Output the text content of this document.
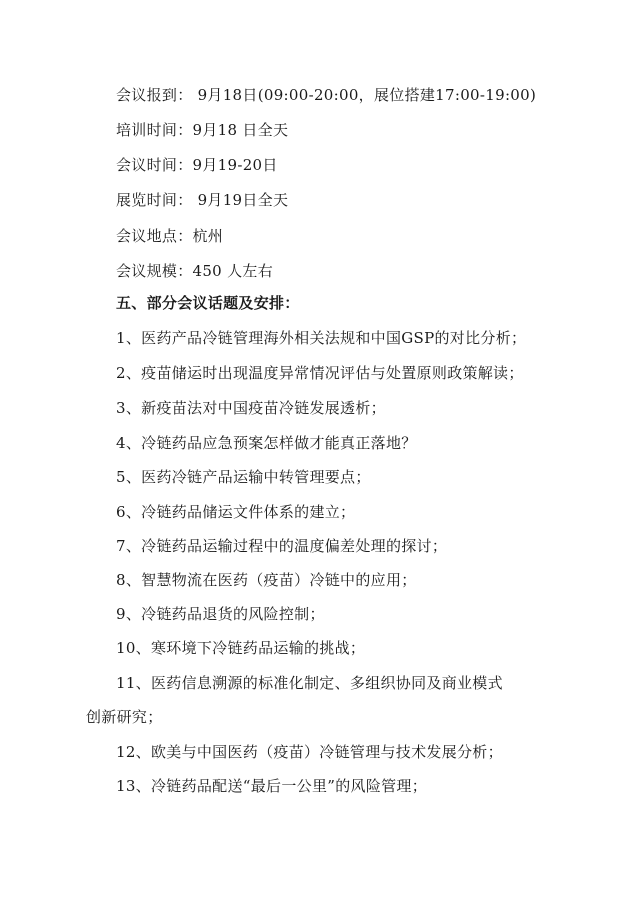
会议报到： 9月18日(09:00-20:00，展位搭建17:00-19:00)
培训时间：9月18 日全天
会议时间：9月19-20日
展览时间： 9月19日全天
会议地点：杭州
会议规模：450 人左右
五、部分会议话题及安排：
1、医药产品冷链管理海外相关法规和中国GSP的对比分析；
2、疫苗储运时出现温度异常情况评估与处置原则政策解读；
3、新疫苗法对中国疫苗冷链发展透析；
4、冷链药品应急预案怎样做才能真正落地？
5、医药冷链产品运输中转管理要点；
6、冷链药品储运文件体系的建立；
7、冷链药品运输过程中的温度偏差处理的探讨；
8、智慧物流在医药（疫苗）冷链中的应用；
9、冷链药品退货的风险控制；
10、寒环境下冷链药品运输的挑战；
11、医药信息溯源的标准化制定、多组织协同及商业模式
创新研究；
12、欧美与中国医药（疫苗）冷链管理与技术发展分析；
13、冷链药品配送“最后一公里”的风险管理；
